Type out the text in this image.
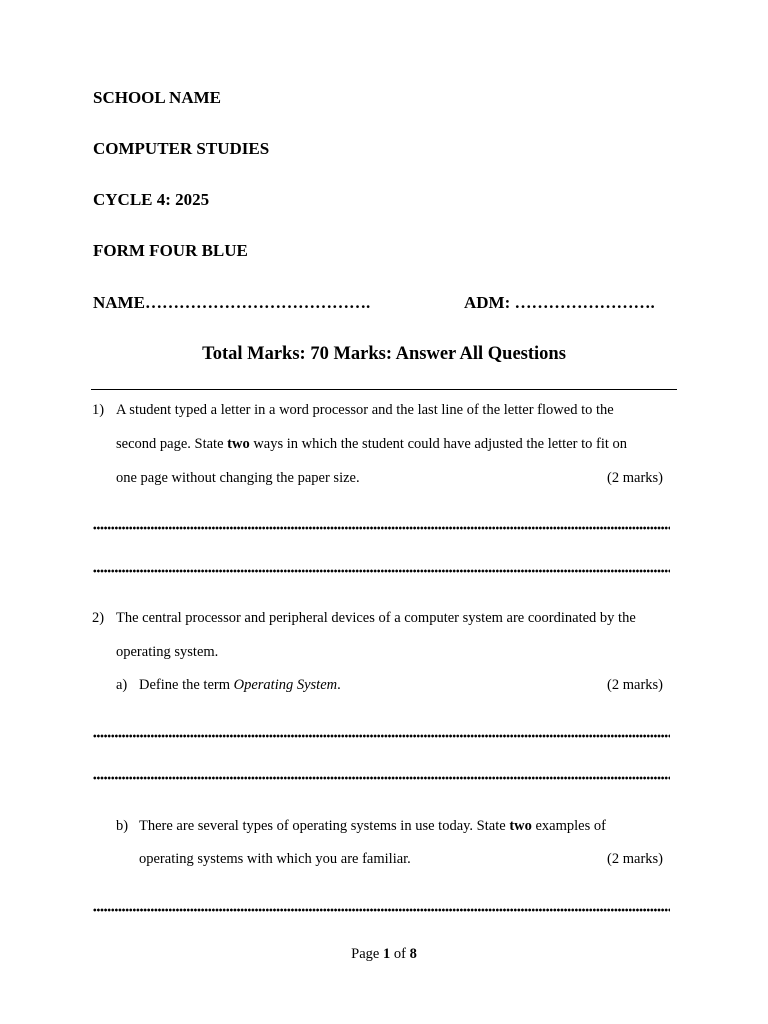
SCHOOL NAME
COMPUTER STUDIES
CYCLE 4: 2025
FORM FOUR BLUE
NAME………………………………….	ADM: …………………….
Total Marks: 70 Marks: Answer All Questions
1) A student typed a letter in a word processor and the last line of the letter flowed to the
second page. State two ways in which the student could have adjusted the letter to fit on
one page without changing the paper size.	(2 marks)
2) The central processor and peripheral devices of a computer system are coordinated by the
operating system.
a) Define the term Operating System.	(2 marks)
b) There are several types of operating systems in use today. State two examples of
operating systems with which you are familiar.	(2 marks)
Page 1 of 8
